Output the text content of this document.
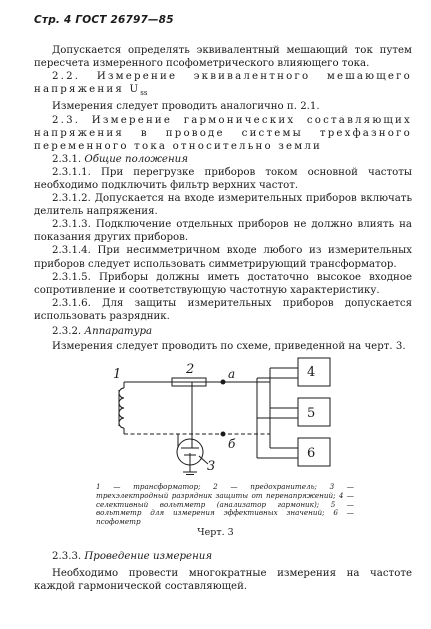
Стр. 4 ГОСТ 26797—85

Допускается определять эквивалентный мешающий ток путем пересчета измеренного псофометрического влияющего тока.

2.2. Измерение эквивалентного мешающего напряжения $U_{ss}$

Измерения следует проводить аналогично п. 2.1.

2.3. Измерение гармонических составляющих напряжения в проводе системы трехфазного переменного тока относительно земли

2.3.1. Общие положения

2.3.1.1. При перегрузке приборов током основной частоты необходимо подключить фильтр верхних частот.

2.3.1.2. Допускается на входе измерительных приборов включать делитель напряжения.

2.3.1.3. Подключение отдельных приборов не должно влиять на показания других приборов.

2.3.1.4. При несимметричном входе любого из измерительных приборов следует использовать симметрирующий трансформатор.

2.3.1.5. Приборы должны иметь достаточно высокое входное сопротивление и соответствующую частотную характеристику.

2.3.1.6. Для защиты измерительных приборов допускается использовать разрядник.

2.3.2. Аппаратура

Измерения следует проводить по схеме, приведенной на черт. 3.

1	2
3
4
5
6
а
б
1 — трансформатор; 2 — предохранитель; 3 — трехэлектродный разрядник защиты от перенапряжений; 4 — селективный вольтметр (анализатор гармоник); 5 — вольтметр для измерения эффективных значений; 6 — псофометр
Черт. 3

2.3.3. Проведение измерения

Необходимо провести многократные измерения на частоте каждой гармонической составляющей.
